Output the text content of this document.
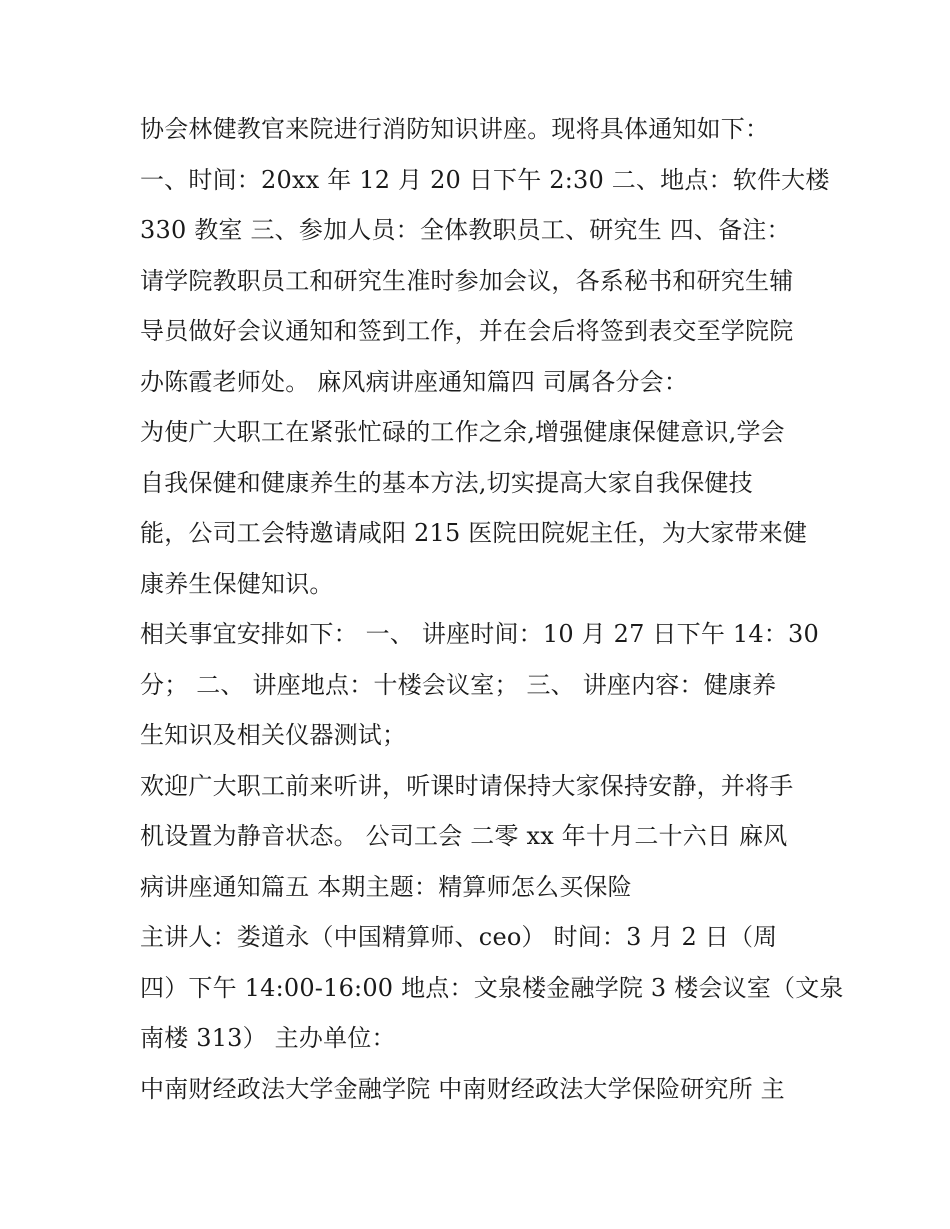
协会林健教官来院进行消防知识讲座。现将具体通知如下：
一、时间：20xx 年 12 月 20 日下午 2:30 二、地点：软件大楼
330 教室 三、参加人员：全体教职员工、研究生 四、备注：
请学院教职员工和研究生准时参加会议，各系秘书和研究生辅
导员做好会议通知和签到工作，并在会后将签到表交至学院院
办陈霞老师处。 麻风病讲座通知篇四 司属各分会：
为使广大职工在紧张忙碌的工作之余,增强健康保健意识,学会
自我保健和健康养生的基本方法,切实提高大家自我保健技
能，公司工会特邀请咸阳 215 医院田院妮主任，为大家带来健
康养生保健知识。
相关事宜安排如下： 一、 讲座时间：10 月 27 日下午 14：30
分； 二、 讲座地点：十楼会议室； 三、 讲座内容：健康养
生知识及相关仪器测试；
欢迎广大职工前来听讲，听课时请保持大家保持安静，并将手
机设置为静音状态。 公司工会 二零 xx 年十月二十六日 麻风
病讲座通知篇五 本期主题：精算师怎么买保险
主讲人：娄道永（中国精算师、ceo） 时间：3 月 2 日（周
四）下午 14:00-16:00 地点：文泉楼金融学院 3 楼会议室（文泉
南楼 313） 主办单位：
中南财经政法大学金融学院 中南财经政法大学保险研究所 主
